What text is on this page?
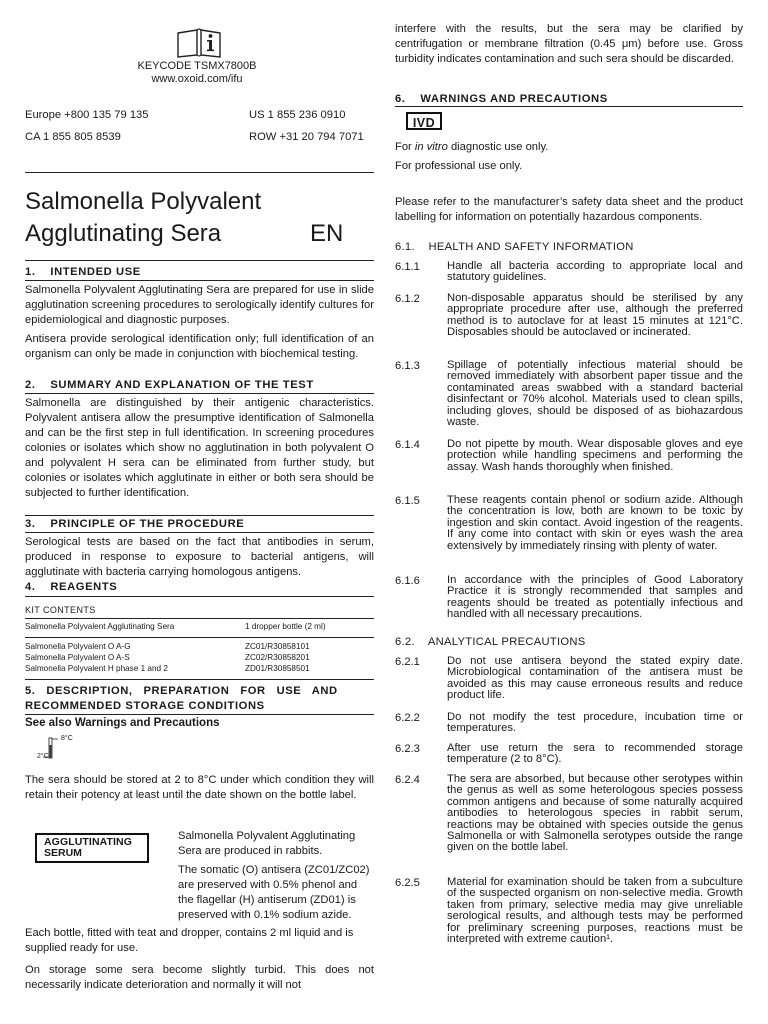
KEYCODE TSMX7800B
www.oxoid.com/ifu
Europe +800 135 79 135	US 1 855 236 0910
CA 1 855 805 8539	ROW +31 20 794 7071
Salmonella Polyvalent
Agglutinating Sera	EN
1.    INTENDED USE

Salmonella Polyvalent Agglutinating Sera are prepared for use in slide agglutination screening procedures to serologically identify cultures for epidemiological and diagnostic purposes.

Antisera provide serological identification only; full identification of an organism can only be made in conjunction with biochemical testing.

2.    SUMMARY AND EXPLANATION OF THE TEST

Salmonella are distinguished by their antigenic characteristics. Polyvalent antisera allow the presumptive identification of Salmonella and can be the first step in full identification. In screening procedures colonies or isolates which show no agglutination in both polyvalent O and polyvalent H sera can be eliminated from further study, but colonies or isolates which agglutinate in either or both sera should be subjected to further identification.

3.    PRINCIPLE OF THE PROCEDURE

Serological tests are based on the fact that antibodies in serum, produced in response to exposure to bacterial antigens, will agglutinate with bacteria carrying homologous antigens.

4.    REAGENTS
KIT CONTENTS
Salmonella Polyvalent Agglutinating Sera	1 dropper bottle (2 ml)
Salmonella Polyvalent O A-G	ZC01/R30858101
Salmonella Polyvalent O A-S	ZC02/R30858201
Salmonella Polyvalent H phase 1 and 2	ZD01/R30858501
5.   DESCRIPTION,   PREPARATION   FOR   USE   AND
RECOMMENDED STORAGE CONDITIONS
See also Warnings and Precautions
8°C
2°C

The sera should be stored at 2 to 8°C under which condition they will retain their potency at least until the date shown on the bottle label.

AGGLUTINATING
SERUM

Salmonella Polyvalent Agglutinating Sera are produced in rabbits.

The somatic (O) antisera (ZC01/ZC02) are preserved with 0.5% phenol and the flagellar (H) antiserum (ZD01) is preserved with 0.1% sodium azide.

Each bottle, fitted with teat and dropper, contains 2 ml liquid and is supplied ready for use.

On storage some sera become slightly turbid. This does not necessarily indicate deterioration and normally it will not

interfere with the results, but the sera may be clarified by centrifugation or membrane filtration (0.45 μm) before use. Gross turbidity indicates contamination and such sera should be discarded.

6.    WARNINGS AND PRECAUTIONS
IVD

For in vitro diagnostic use only.

For professional use only.

Please refer to the manufacturer’s safety data sheet and the product labelling for information on potentially hazardous components.

6.1.    HEALTH AND SAFETY INFORMATION
6.1.1 Handle all bacteria according to appropriate local and statutory guidelines.

6.1.2 Non-disposable apparatus should be sterilised by any appropriate procedure after use, although the preferred method is to autoclave for at least 15 minutes at 121°C. Disposables should be autoclaved or incinerated.

6.1.3 Spillage of potentially infectious material should be removed immediately with absorbent paper tissue and the contaminated areas swabbed with a standard bacterial disinfectant or 70% alcohol. Materials used to clean spills, including gloves, should be disposed of as biohazardous waste.

6.1.4 Do not pipette by mouth. Wear disposable gloves and eye protection while handling specimens and performing the assay. Wash hands thoroughly when finished.

6.1.5 These reagents contain phenol or sodium azide. Although the concentration is low, both are known to be toxic by ingestion and skin contact. Avoid ingestion of the reagents. If any come into contact with skin or eyes wash the area extensively by immediately rinsing with plenty of water.

6.1.6 In accordance with the principles of Good Laboratory Practice it is strongly recommended that samples and reagents should be treated as potentially infectious and handled with all necessary precautions.

6.2.    ANALYTICAL PRECAUTIONS
6.2.1 Do not use antisera beyond the stated expiry date. Microbiological contamination of the antisera must be avoided as this may cause erroneous results and reduce product life.

6.2.2 Do not modify the test procedure, incubation time or temperatures.

6.2.3 After use return the sera to recommended storage temperature (2 to 8°C).

6.2.4 The sera are absorbed, but because other serotypes within the genus as well as some heterologous species possess common antigens and because of some naturally acquired antibodies to heterologous species in rabbit serum, reactions may be obtained with species outside the genus Salmonella or with Salmonella serotypes outside the range given on the bottle label.

6.2.5 Material for examination should be taken from a subculture of the suspected organism on non-selective media. Growth taken from primary, selective media may give unreliable serological results, and although tests may be performed for preliminary screening purposes, reactions must be interpreted with extreme caution¹.
